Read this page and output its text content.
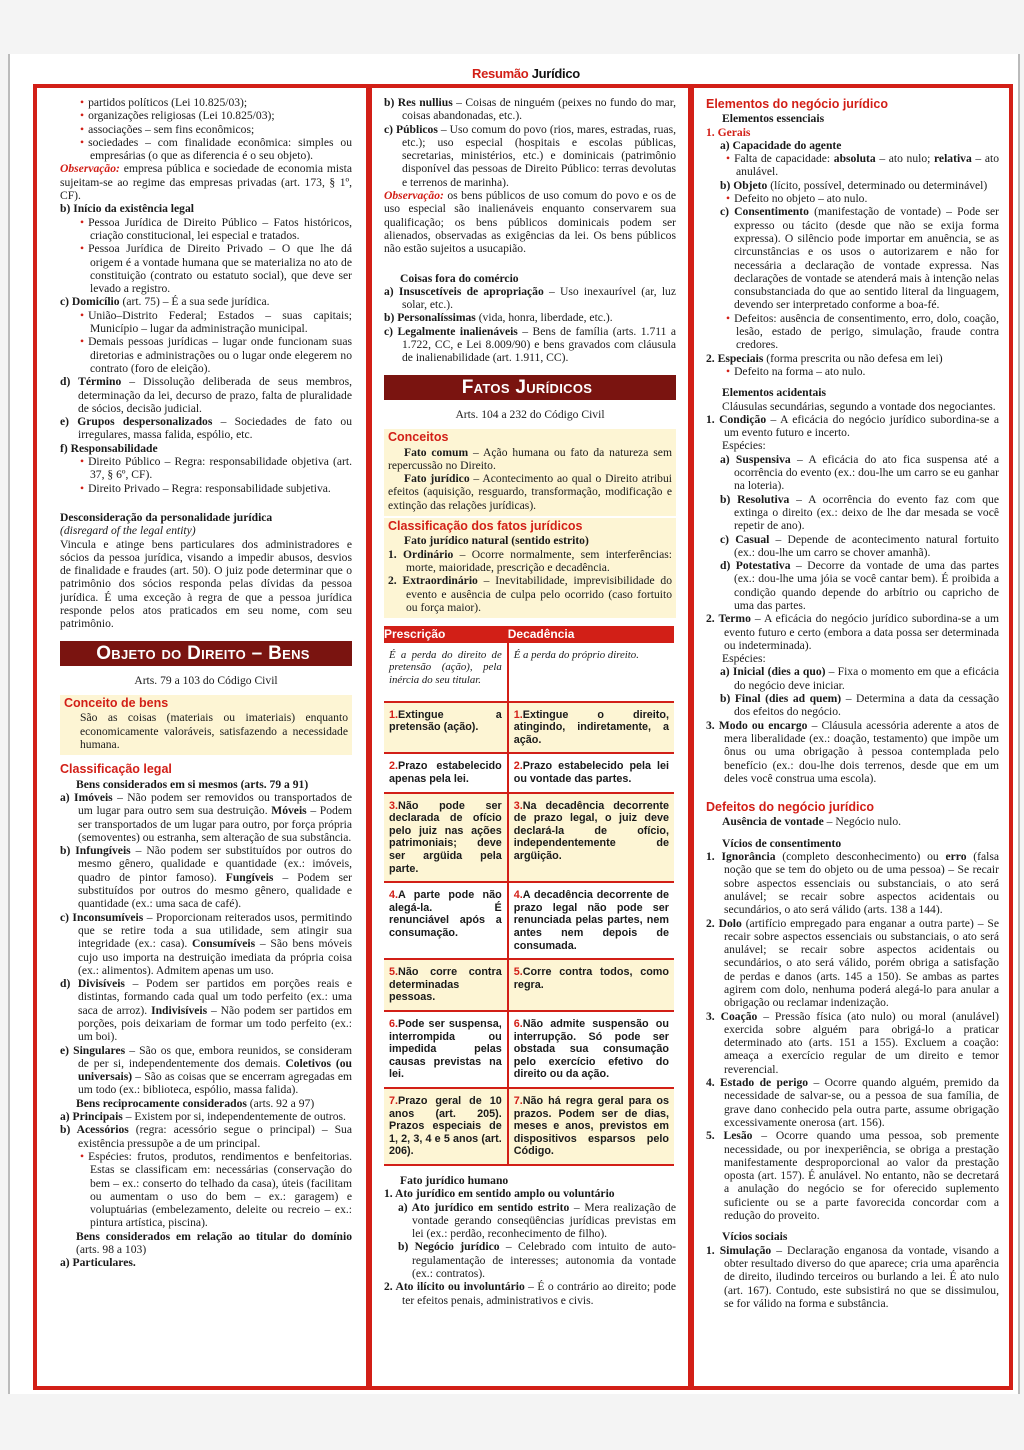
Resumão Jurídico

• partidos políticos (Lei 10.825/03);

• organizações religiosas (Lei 10.825/03);

• associações – sem fins econômicos;

• sociedades – com finalidade econômica: simples ou empresárias (o que as diferencia é o seu objeto).

Observação: empresa pública e sociedade de economia mista sujeitam-se ao regime das empresas privadas (art. 173, § 1º, CF).

b) Início da existência legal

• Pessoa Jurídica de Direito Público – Fatos históricos, criação constitucional, lei especial e tratados.

• Pessoa Jurídica de Direito Privado – O que lhe dá origem é a vontade humana que se materializa no ato de constituição (contrato ou estatuto social), que deve ser levado a registro.

c) Domicílio (art. 75) – É a sua sede jurídica.

• União–Distrito Federal; Estados – suas capitais; Município – lugar da administração municipal.

• Demais pessoas jurídicas – lugar onde funcionam suas diretorias e administrações ou o lugar onde elegerem no contrato (foro de eleição).

d) Término – Dissolução deliberada de seus membros, determinação da lei, decurso de prazo, falta de pluralidade de sócios, decisão judicial.

e) Grupos despersonalizados – Sociedades de fato ou irregulares, massa falida, espólio, etc.

f) Responsabilidade

• Direito Público – Regra: responsabilidade objetiva (art. 37, § 6º, CF).

• Direito Privado – Regra: responsabilidade subjetiva.

Desconsideração da personalidade jurídica

(disregard of the legal entity)

Vincula e atinge bens particulares dos administradores e sócios da pessoa jurídica, visando a impedir abusos, desvios de finalidade e fraudes (art. 50). O juiz pode determinar que o patrimônio dos sócios responda pelas dívidas da pessoa jurídica. É uma exceção à regra de que a pessoa jurídica responde pelos atos praticados em seu nome, com seu patrimônio.

Objeto do Direito – Bens

Arts. 79 a 103 do Código Civil

Conceito de bens

São as coisas (materiais ou imateriais) enquanto economicamente valoráveis, satisfazendo a necessidade humana.

Classificação legal

Bens considerados em si mesmos (arts. 79 a 91)

a) Imóveis – Não podem ser removidos ou transportados de um lugar para outro sem sua destruição. Móveis – Podem ser transportados de um lugar para outro, por força própria (semoventes) ou estranha, sem alteração de sua substância.

b) Infungíveis – Não podem ser substituídos por outros do mesmo gênero, qualidade e quantidade (ex.: imóveis, quadro de pintor famoso). Fungíveis – Podem ser substituídos por outros do mesmo gênero, qualidade e quantidade (ex.: uma saca de café).

c) Inconsumíveis – Proporcionam reiterados usos, permitindo que se retire toda a sua utilidade, sem atingir sua integridade (ex.: casa). Consumíveis – São bens móveis cujo uso importa na destruição imediata da própria coisa (ex.: alimentos). Admitem apenas um uso.

d) Divisíveis – Podem ser partidos em porções reais e distintas, formando cada qual um todo perfeito (ex.: uma saca de arroz). Indivisíveis – Não podem ser partidos em porções, pois deixariam de formar um todo perfeito (ex.: um boi).

e) Singulares – São os que, embora reunidos, se consideram de per si, independentemente dos demais. Coletivos (ou universais) – São as coisas que se encerram agregadas em um todo (ex.: biblioteca, espólio, massa falida).

Bens reciprocamente considerados (arts. 92 a 97)

a) Principais – Existem por si, independentemente de outros.

b) Acessórios (regra: acessório segue o principal) – Sua existência pressupõe a de um principal.

• Espécies: frutos, produtos, rendimentos e benfeitorias. Estas se classificam em: necessárias (conservação do bem – ex.: conserto do telhado da casa), úteis (facilitam ou aumentam o uso do bem – ex.: garagem) e voluptuárias (embelezamento, deleite ou recreio – ex.: pintura artística, piscina).

Bens considerados em relação ao titular do domínio (arts. 98 a 103)

a) Particulares.

b) Res nullius – Coisas de ninguém (peixes no fundo do mar, coisas abandonadas, etc.).

c) Públicos – Uso comum do povo (rios, mares, estradas, ruas, etc.); uso especial (hospitais e escolas públicas, secretarias, ministérios, etc.) e dominicais (patrimônio disponível das pessoas de Direito Público: terras devolutas e terrenos de marinha).

Observação: os bens públicos de uso comum do povo e os de uso especial são inalienáveis enquanto conservarem sua qualificação; os bens públicos dominicais podem ser alienados, observadas as exigências da lei. Os bens públicos não estão sujeitos a usucapião.

Coisas fora do comércio

a) Insuscetíveis de apropriação – Uso inexaurível (ar, luz solar, etc.).

b) Personalíssimas (vida, honra, liberdade, etc.).

c) Legalmente inalienáveis – Bens de família (arts. 1.711 a 1.722, CC, e Lei 8.009/90) e bens gravados com cláusula de inalienabilidade (art. 1.911, CC).

Fatos Jurídicos

Arts. 104 a 232 do Código Civil

Conceitos

Fato comum – Ação humana ou fato da natureza sem repercussão no Direito.

Fato jurídico – Acontecimento ao qual o Direito atribui efeitos (aquisição, resguardo, transformação, modificação e extinção das relações jurídicas).

Classificação dos fatos jurídicos

Fato jurídico natural (sentido estrito)

1. Ordinário – Ocorre normalmente, sem interferências: morte, maioridade, prescrição e decadência.

2. Extraordinário – Inevitabilidade, imprevisibilidade do evento e ausência de culpa pelo ocorrido (caso fortuito ou força maior).

Prescrição	Decadência
É a perda do direito de pretensão (ação), pela inércia do seu titular.	É a perda do próprio direito.
1.Extingue a pretensão (ação).	1.Extingue o direito, atingindo, indiretamente, a ação.
2.Prazo estabelecido apenas pela lei.	2.Prazo estabelecido pela lei ou vontade das partes.
3.Não pode ser declarada de ofício pelo juiz nas ações patrimoniais; deve ser argüida pela parte.	3.Na decadência decorrente de prazo legal, o juiz deve declará-la de ofício, independentemente de argüição.
4.A parte pode não alegá-la. É renunciável após a consumação.	4.A decadência decorrente de prazo legal não pode ser renunciada pelas partes, nem antes nem depois de consumada.
5.Não corre contra determinadas pessoas.	5.Corre contra todos, como regra.
6.Pode ser suspensa, interrompida ou impedida pelas causas previstas na lei.	6.Não admite suspensão ou interrupção. Só pode ser obstada sua consumação pelo exercício efetivo do direito ou da ação.
7.Prazo geral de 10 anos (art. 205). Prazos especiais de 1, 2, 3, 4 e 5 anos (art. 206).	7.Não há regra geral para os prazos. Podem ser de dias, meses e anos, previstos em dispositivos esparsos pelo Código.

Fato jurídico humano

1. Ato jurídico em sentido amplo ou voluntário

a) Ato jurídico em sentido estrito – Mera realização de vontade gerando conseqüências jurídicas previstas em lei (ex.: perdão, reconhecimento de filho).

b) Negócio jurídico – Celebrado com intuito de auto-regulamentação de interesses; autonomia da vontade (ex.: contratos).

2. Ato ilícito ou involuntário – É o contrário ao direito; pode ter efeitos penais, administrativos e civis.

Elementos do negócio jurídico

Elementos essenciais

1. Gerais

a) Capacidade do agente

• Falta de capacidade: absoluta – ato nulo; relativa – ato anulável.

b) Objeto (lícito, possível, determinado ou determinável)

• Defeito no objeto – ato nulo.

c) Consentimento (manifestação de vontade) – Pode ser expresso ou tácito (desde que não se exija forma expressa). O silêncio pode importar em anuência, se as circunstâncias e os usos o autorizarem e não for necessária a declaração de vontade expressa. Nas declarações de vontade se atenderá mais à intenção nelas consubstanciada do que ao sentido literal da linguagem, devendo ser interpretado conforme a boa-fé.

• Defeitos: ausência de consentimento, erro, dolo, coação, lesão, estado de perigo, simulação, fraude contra credores.

2. Especiais (forma prescrita ou não defesa em lei)

• Defeito na forma – ato nulo.

Elementos acidentais

Cláusulas secundárias, segundo a vontade dos negociantes.

1. Condição – A eficácia do negócio jurídico subordina-se a um evento futuro e incerto.

Espécies:

a) Suspensiva – A eficácia do ato fica suspensa até a ocorrência do evento (ex.: dou-lhe um carro se eu ganhar na loteria).

b) Resolutiva – A ocorrência do evento faz com que extinga o direito (ex.: deixo de lhe dar mesada se você repetir de ano).

c) Casual – Depende de acontecimento natural fortuito (ex.: dou-lhe um carro se chover amanhã).

d) Potestativa – Decorre da vontade de uma das partes (ex.: dou-lhe uma jóia se você cantar bem). É proibida a condição quando depende do arbítrio ou capricho de uma das partes.

2. Termo – A eficácia do negócio jurídico subordina-se a um evento futuro e certo (embora a data possa ser determinada ou indeterminada).

Espécies:

a) Inicial (dies a quo) – Fixa o momento em que a eficácia do negócio deve iniciar.

b) Final (dies ad quem) – Determina a data da cessação dos efeitos do negócio.

3. Modo ou encargo – Cláusula acessória aderente a atos de mera liberalidade (ex.: doação, testamento) que impõe um ônus ou uma obrigação à pessoa contemplada pelo benefício (ex.: dou-lhe dois terrenos, desde que em um deles você construa uma escola).

Defeitos do negócio jurídico

Ausência de vontade – Negócio nulo.

Vícios de consentimento

1. Ignorância (completo desconhecimento) ou erro (falsa noção que se tem do objeto ou de uma pessoa) – Se recair sobre aspectos essenciais ou substanciais, o ato será anulável; se recair sobre aspectos acidentais ou secundários, o ato será válido (arts. 138 a 144).

2. Dolo (artifício empregado para enganar a outra parte) – Se recair sobre aspectos essenciais ou substanciais, o ato será anulável; se recair sobre aspectos acidentais ou secundários, o ato será válido, porém obriga a satisfação de perdas e danos (arts. 145 a 150). Se ambas as partes agirem com dolo, nenhuma poderá alegá-lo para anular a obrigação ou reclamar indenização.

3. Coação – Pressão física (ato nulo) ou moral (anulável) exercida sobre alguém para obrigá-lo a praticar determinado ato (arts. 151 a 155). Excluem a coação: ameaça a exercício regular de um direito e temor reverencial.

4. Estado de perigo – Ocorre quando alguém, premido da necessidade de salvar-se, ou a pessoa de sua família, de grave dano conhecido pela outra parte, assume obrigação excessivamente onerosa (art. 156).

5. Lesão – Ocorre quando uma pessoa, sob premente necessidade, ou por inexperiência, se obriga a prestação manifestamente desproporcional ao valor da prestação oposta (art. 157). É anulável. No entanto, não se decretará a anulação do negócio se for oferecido suplemento suficiente ou se a parte favorecida concordar com a redução do proveito.

Vícios sociais

1. Simulação – Declaração enganosa da vontade, visando a obter resultado diverso do que aparece; cria uma aparência de direito, iludindo terceiros ou burlando a lei. É ato nulo (art. 167). Contudo, este subsistirá no que se dissimulou, se for válido na forma e substância.
